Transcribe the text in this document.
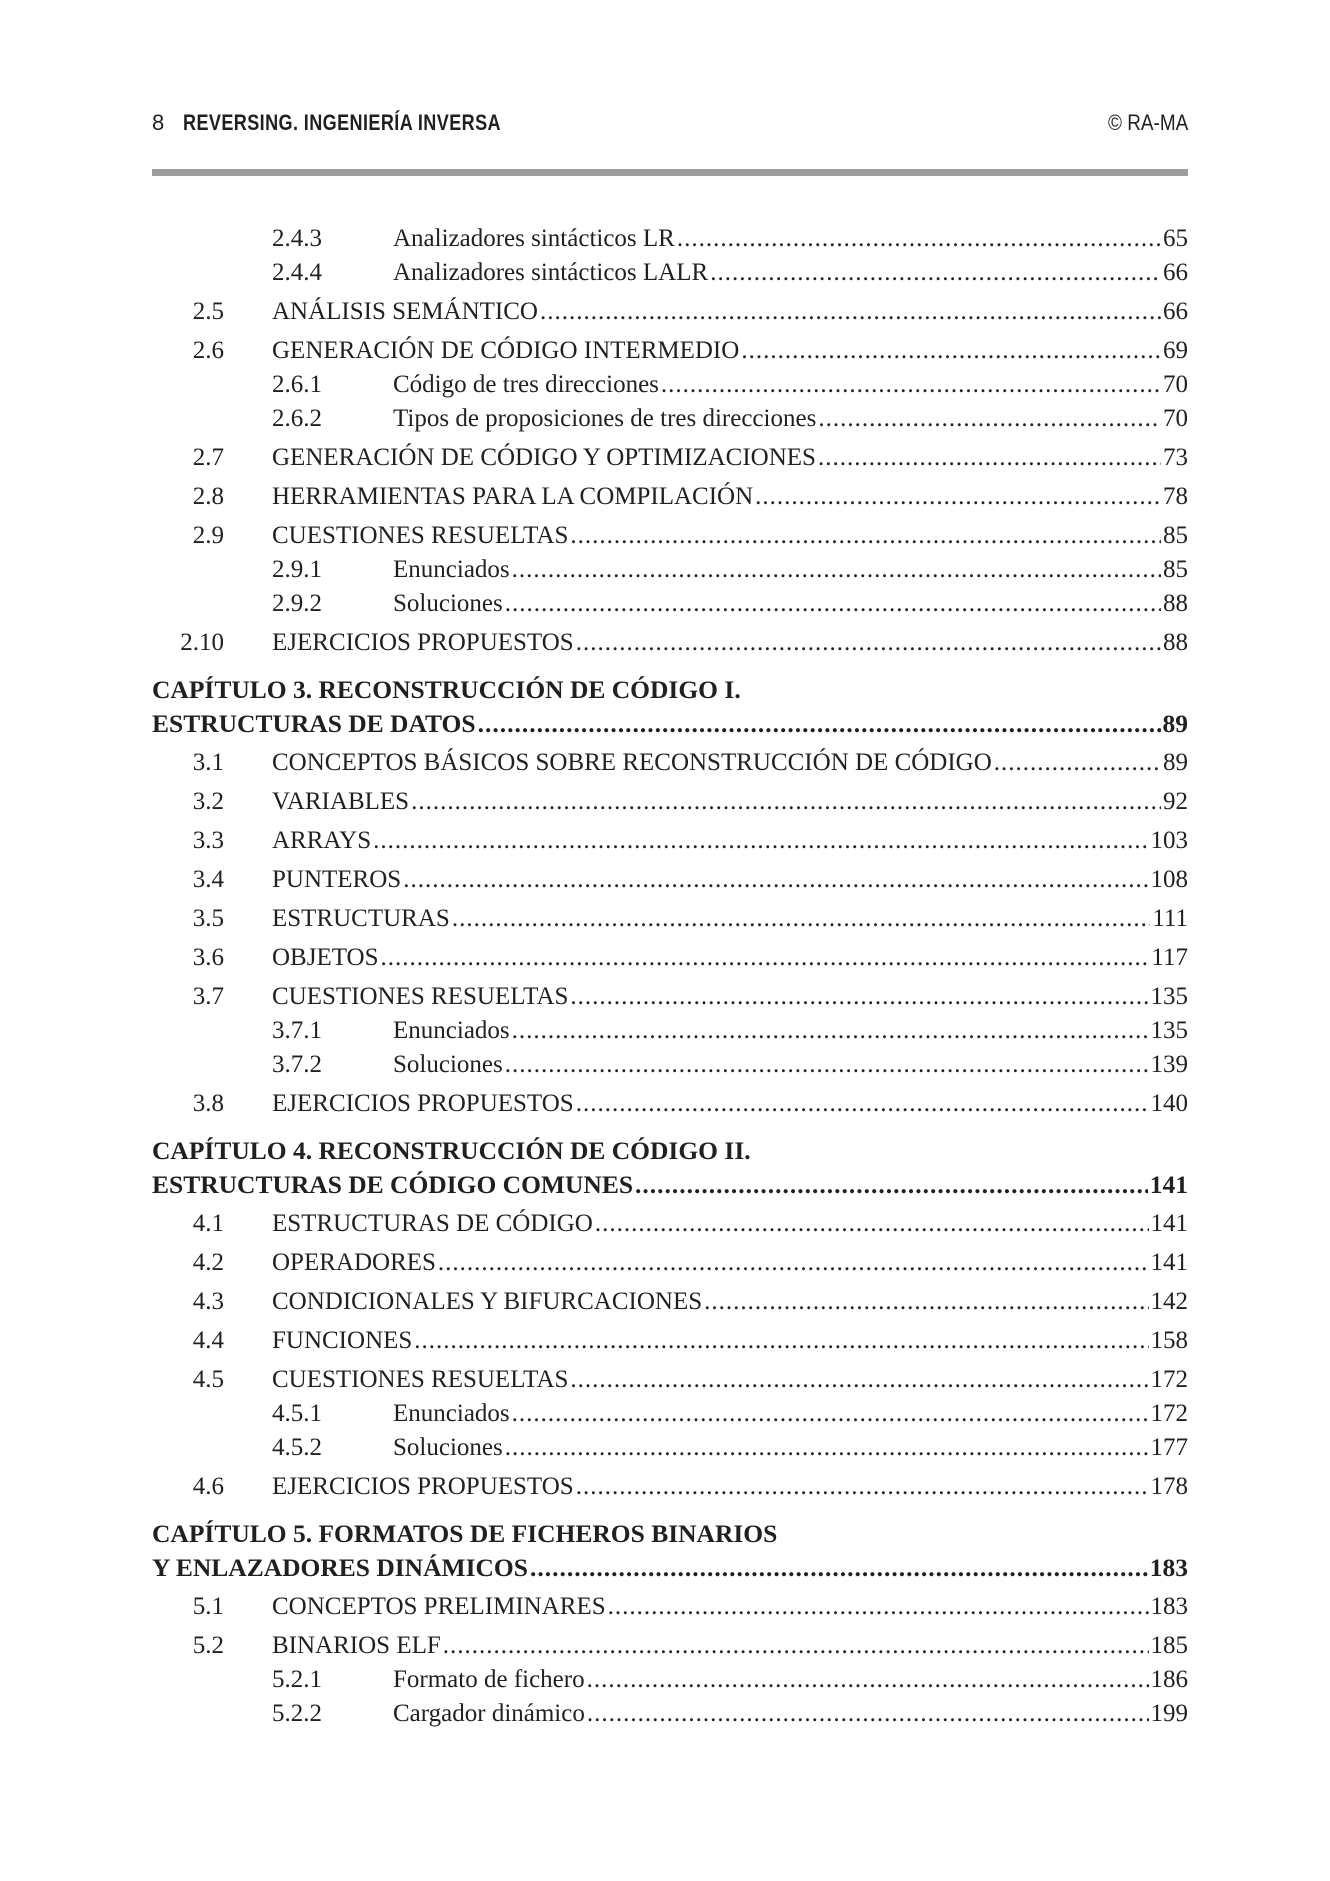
8 REVERSING. INGENIERÍA INVERSA	© RA-MA
2.4.3	Analizadores sintácticos LR .....	65
2.4.4	Analizadores sintácticos LALR .....	66
2.5 ANÁLISIS SEMÁNTICO .....	66
2.6 GENERACIÓN DE CÓDIGO INTERMEDIO .....	69
2.6.1	Código de tres direcciones .....	70
2.6.2	Tipos de proposiciones de tres direcciones .....	70
2.7 GENERACIÓN DE CÓDIGO Y OPTIMIZACIONES .....	73
2.8 HERRAMIENTAS PARA LA COMPILACIÓN .....	78
2.9 CUESTIONES RESUELTAS .....	85
2.9.1	Enunciados .....	85
2.9.2	Soluciones .....	88
2.10 EJERCICIOS PROPUESTOS .....	88
CAPÍTULO 3. RECONSTRUCCIÓN DE CÓDIGO I.
ESTRUCTURAS DE DATOS .....	89
3.1 CONCEPTOS BÁSICOS SOBRE RECONSTRUCCIÓN DE CÓDIGO .....	89
3.2 VARIABLES .....	92
3.3 ARRAYS .....	103
3.4 PUNTEROS .....	108
3.5 ESTRUCTURAS .....	111
3.6 OBJETOS .....	117
3.7 CUESTIONES RESUELTAS .....	135
3.7.1	Enunciados .....	135
3.7.2	Soluciones .....	139
3.8 EJERCICIOS PROPUESTOS .....	140
CAPÍTULO 4. RECONSTRUCCIÓN DE CÓDIGO II.
ESTRUCTURAS DE CÓDIGO COMUNES .....	141
4.1 ESTRUCTURAS DE CÓDIGO .....	141
4.2 OPERADORES .....	141
4.3 CONDICIONALES Y BIFURCACIONES .....	142
4.4 FUNCIONES .....	158
4.5 CUESTIONES RESUELTAS .....	172
4.5.1	Enunciados .....	172
4.5.2	Soluciones .....	177
4.6 EJERCICIOS PROPUESTOS .....	178
CAPÍTULO 5. FORMATOS DE FICHEROS BINARIOS
Y ENLAZADORES DINÁMICOS .....	183
5.1 CONCEPTOS PRELIMINARES .....	183
5.2 BINARIOS ELF .....	185
5.2.1	Formato de fichero .....	186
5.2.2	Cargador dinámico .....	199
